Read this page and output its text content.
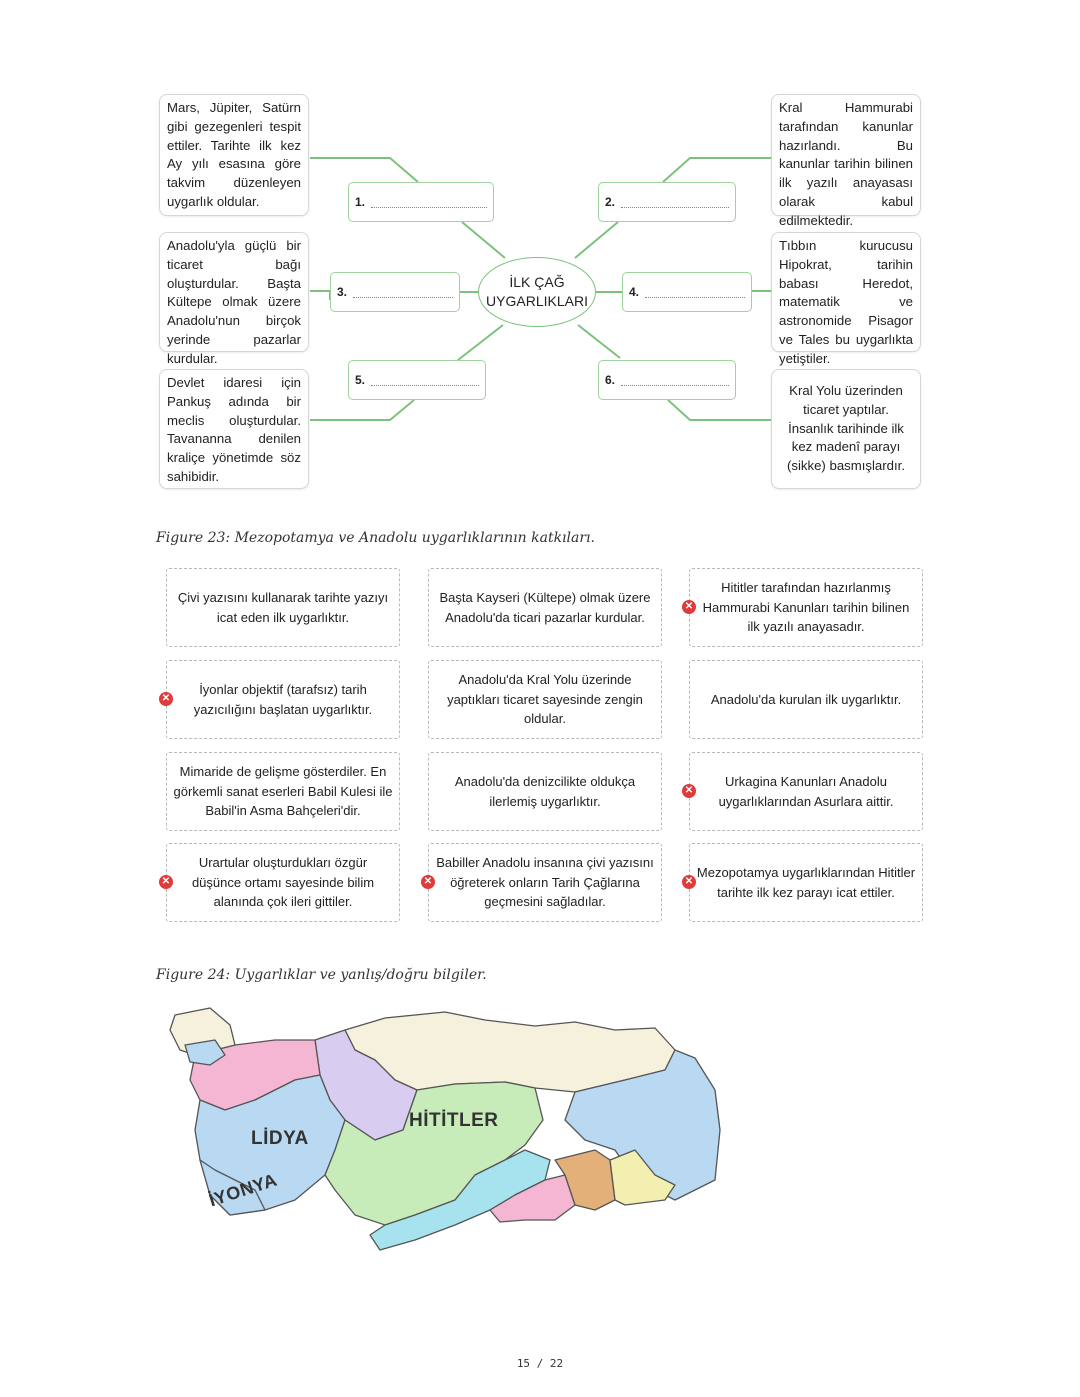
Mars, Jüpiter, Satürn gibi gezegenleri tespit ettiler. Tarihte ilk kez Ay yılı esasına göre takvim düzenleyen uygarlık oldular.
Anadolu'yla güçlü bir ticaret bağı oluşturdular. Başta Kültepe olmak üzere Anadolu'nun birçok yerinde pazarlar kurdular.
Devlet idaresi için Pankuş adında bir meclis oluşturdular. Tavananna denilen kraliçe yönetimde söz sahibidir.
Kral Hammurabi tarafından kanunlar hazırlandı. Bu kanunlar tarihin bilinen ilk yazılı anayasası olarak kabul edilmektedir.
Tıbbın kurucusu Hipokrat, tarihin babası Heredot, matematik ve astronomide Pisagor ve Tales bu uygarlıkta yetiştiler.
Kral Yolu üzerinden ticaret yaptılar. İnsanlık tarihinde ilk kez madenî parayı (sikke) basmışlardır.
1.	2.
3.	4.
5.	6.
İLK ÇAĞ
UYGARLIKLARI
Figure 23: Mezopotamya ve Anadolu uygarlıklarının katkıları.
Çivi yazısını kullanarak tarihte yazıyı icat eden ilk uygarlıktır.
Başta Kayseri (Kültepe) olmak üzere Anadolu'da ticari pazarlar kurdular.
Hititler tarafından hazırlanmış Hammurabi Kanunları tarihin bilinen ilk yazılı anayasadır.
✕
İyonlar objektif (tarafsız) tarih yazıcılığını başlatan uygarlıktır.
✕
Anadolu'da Kral Yolu üzerinde yaptıkları ticaret sayesinde zengin oldular.
Anadolu'da kurulan ilk uygarlıktır.
Mimaride de gelişme gösterdiler. En görkemli sanat eserleri Babil Kulesi ile Babil'in Asma Bahçeleri'dir.
Anadolu'da denizcilikte oldukça ilerlemiş uygarlıktır.
Urkagina Kanunları Anadolu uygarlıklarından Asurlara aittir.
✕
Urartular oluşturdukları özgür düşünce ortamı sayesinde bilim alanında çok ileri gittiler.
✕
Babiller Anadolu insanına çivi yazısını öğreterek onların Tarih Çağlarına geçmesini sağladılar.
✕
Mezopotamya uygarlıklarından Hititler tarihte ilk kez parayı icat ettiler.
✕
Figure 24: Uygarlıklar ve yanlış/doğru bilgiler.
LİDYA
İYONYA
HİTİTLER
15 / 22
